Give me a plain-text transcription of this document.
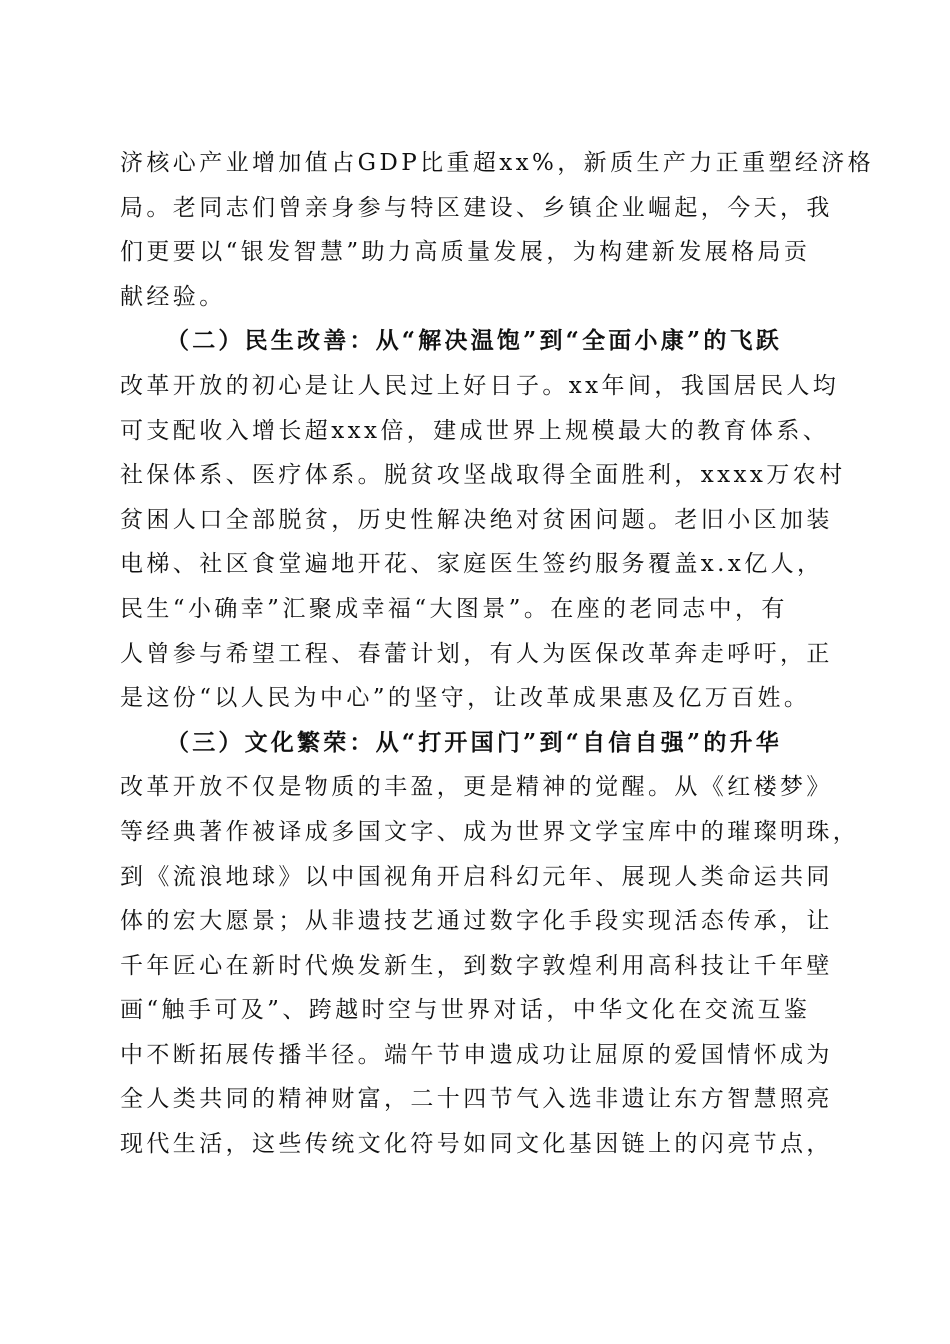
济核心产业增加值占GDP比重超xx%，新质生产力正重塑经济格
局。老同志们曾亲身参与特区建设、乡镇企业崛起，今天，我
们更要以“银发智慧”助力高质量发展，为构建新发展格局贡
献经验。
（二）民生改善：从“解决温饱”到“全面小康”的飞跃
改革开放的初心是让人民过上好日子。xx年间，我国居民人均
可支配收入增长超xxx倍，建成世界上规模最大的教育体系、
社保体系、医疗体系。脱贫攻坚战取得全面胜利，xxxx万农村
贫困人口全部脱贫，历史性解决绝对贫困问题。老旧小区加装
电梯、社区食堂遍地开花、家庭医生签约服务覆盖x.x亿人，
民生“小确幸”汇聚成幸福“大图景”。在座的老同志中，有
人曾参与希望工程、春蕾计划，有人为医保改革奔走呼吁，正
是这份“以人民为中心”的坚守，让改革成果惠及亿万百姓。
（三）文化繁荣：从“打开国门”到“自信自强”的升华
改革开放不仅是物质的丰盈，更是精神的觉醒。从《红楼梦》
等经典著作被译成多国文字、成为世界文学宝库中的璀璨明珠，
到《流浪地球》以中国视角开启科幻元年、展现人类命运共同
体的宏大愿景；从非遗技艺通过数字化手段实现活态传承，让
千年匠心在新时代焕发新生，到数字敦煌利用高科技让千年壁
画“触手可及”、跨越时空与世界对话，中华文化在交流互鉴
中不断拓展传播半径。端午节申遗成功让屈原的爱国情怀成为
全人类共同的精神财富，二十四节气入选非遗让东方智慧照亮
现代生活，这些传统文化符号如同文化基因链上的闪亮节点，
